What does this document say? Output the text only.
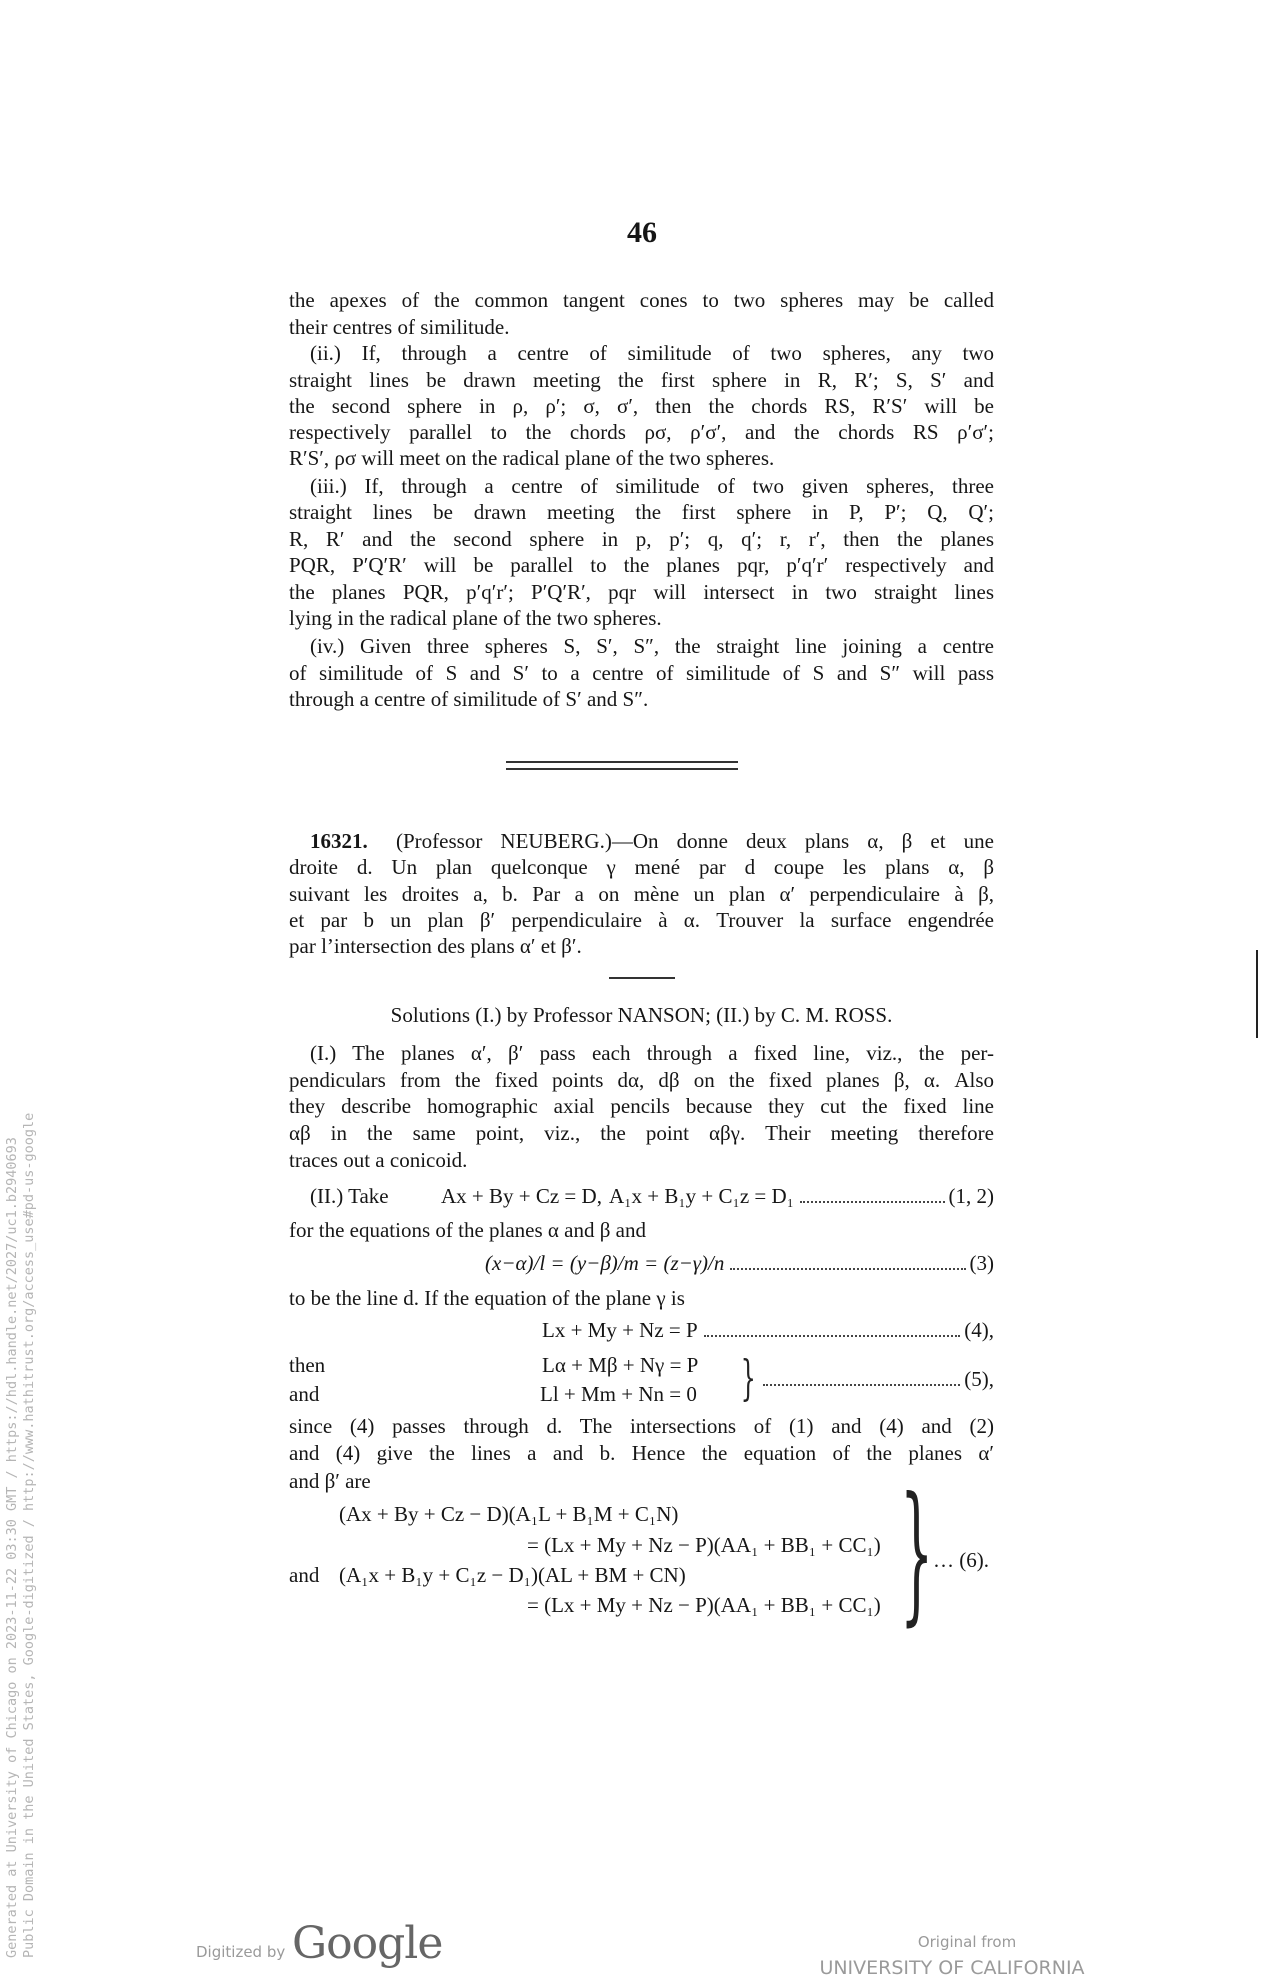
46
the apexes of the common tangent cones to two spheres may be called
their centres of similitude.
(ii.) If, through a centre of similitude of two spheres, any two
straight lines be drawn meeting the first sphere in R, R′; S, S′ and
the second sphere in ρ, ρ′; σ, σ′, then the chords RS, R′S′ will be
respectively parallel to the chords ρσ, ρ′σ′, and the chords RS ρ′σ′;
R′S′, ρσ will meet on the radical plane of the two spheres.
(iii.) If, through a centre of similitude of two given spheres, three
straight lines be drawn meeting the first sphere in P, P′; Q, Q′;
R, R′ and the second sphere in p, p′; q, q′; r, r′, then the planes
PQR, P′Q′R′ will be parallel to the planes pqr, p′q′r′ respectively and
the planes PQR, p′q′r′; P′Q′R′, pqr will intersect in two straight lines
lying in the radical plane of the two spheres.
(iv.) Given three spheres S, S′, S″, the straight line joining a centre
of similitude of S and S′ to a centre of similitude of S and S″ will pass
through a centre of similitude of S′ and S″.
16321. (Professor NEUBERG.)—On donne deux plans α, β et une
droite d. Un plan quelconque γ mené par d coupe les plans α, β
suivant les droites a, b. Par a on mène un plan α′ perpendiculaire à β,
et par b un plan β′ perpendiculaire à α. Trouver la surface engendrée
par l’intersection des plans α′ et β′.
Solutions (I.) by Professor NANSON; (II.) by C. M. ROSS.
(I.) The planes α′, β′ pass each through a fixed line, viz., the per-
pendiculars from the fixed points dα, dβ on the fixed planes β, α. Also
they describe homographic axial pencils because they cut the fixed line
αβ in the same point, viz., the point αβγ. Their meeting therefore
traces out a conicoid.
(II.) Take Ax + By + Cz = D, A₁x + B₁y + C₁z = D₁	(1, 2)
for the equations of the planes α and β and
(x−α)/l = (y−β)/m = (z−γ)/n	(3)
to be the line d. If the equation of the plane γ is
Lx + My + Nz = P	(4),
then	Lα + Mβ + Nγ = P
and	Ll + Mm + Nn = 0 }	(5),
since (4) passes through d. The intersections of (1) and (4) and (2)
and (4) give the lines a and b. Hence the equation of the planes α′
and β′ are
(Ax + By + Cz − D)(A₁L + B₁M + C₁N)
= (Lx + My + Nz − P)(AA₁ + BB₁ + CC₁)
and (A₁x + B₁y + C₁z − D₁)(AL + BM + CN)
= (Lx + My + Nz − P)(AA₁ + BB₁ + CC₁) } … (6).
Generated at University of Chicago on 2023-11-22 03:30 GMT / https://hdl.handle.net/2027/uc1.b2940693 Public Domain in the United States, Google-digitized / http://www.hathitrust.org/access_use#pd-us-google	Digitized by Google	Original from
UNIVERSITY OF CALIFORNIA
